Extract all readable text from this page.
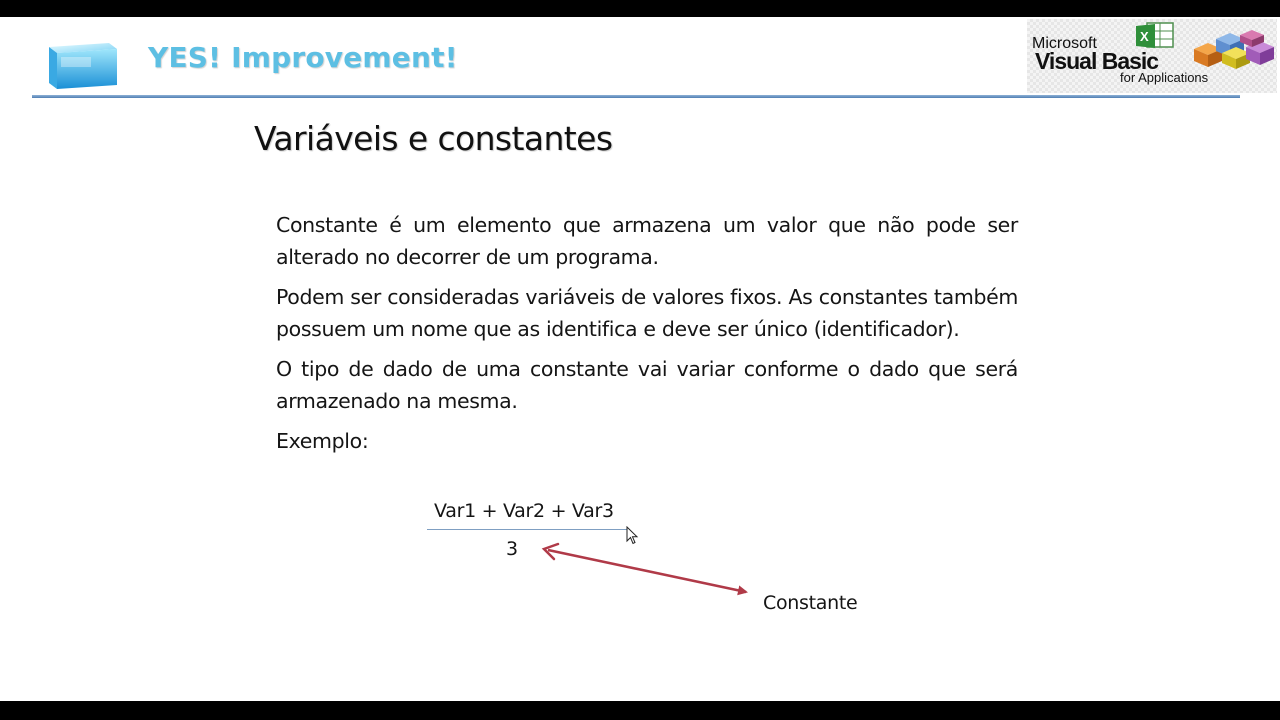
YES! Improvement!
X
Microsoft
Visual Basic
for Applications
Variáveis e constantes

Constante é um elemento que armazena um valor que não pode ser alterado no decorrer de um programa.

Podem ser consideradas variáveis de valores fixos. As constantes também possuem um nome que as identifica e deve ser único (identificador).

O tipo de dado de uma constante vai variar conforme o dado que será armazenado na mesma.

Exemplo:

Var1 + Var2 + Var3
3
Constante
